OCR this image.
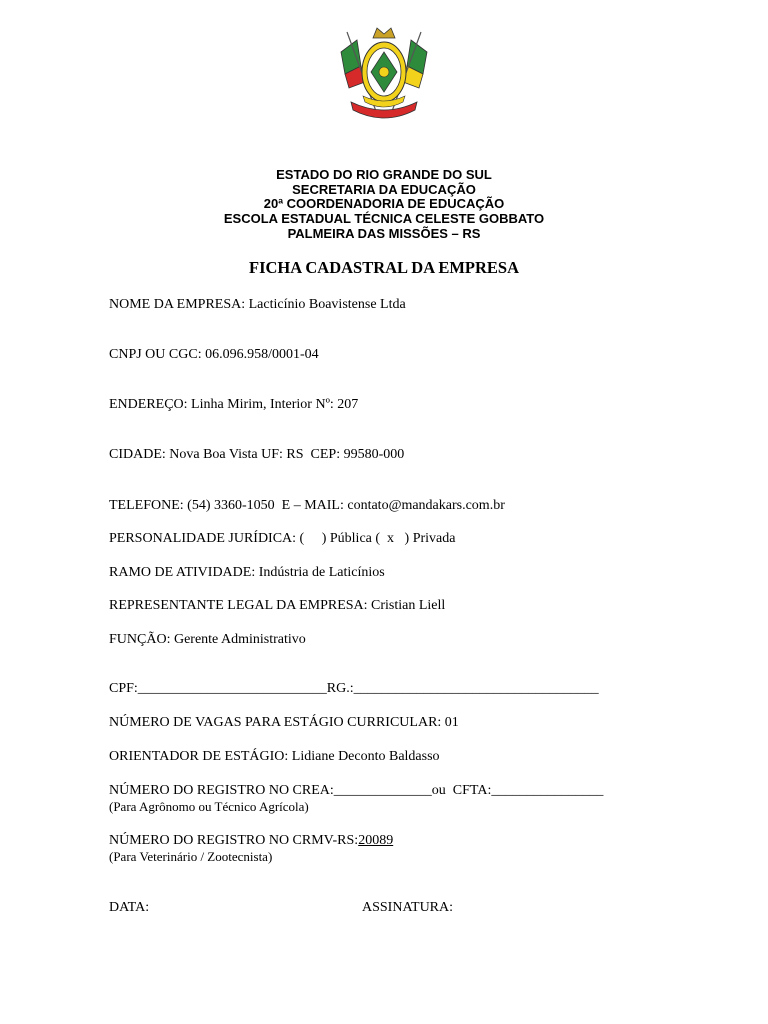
ESTADO DO RIO GRANDE DO SUL
SECRETARIA DA EDUCAÇÃO
20ª COORDENADORIA DE EDUCAÇÃO
ESCOLA ESTADUAL TÉCNICA CELESTE GOBBATO
PALMEIRA DAS MISSÕES – RS
FICHA CADASTRAL DA EMPRESA
NOME DA EMPRESA: Lacticínio Boavistense Ltda
CNPJ OU CGC: 06.096.958/0001-04
ENDEREÇO: Linha Mirim, Interior Nº: 207
CIDADE: Nova Boa Vista UF: RS  CEP: 99580-000
TELEFONE: (54) 3360-1050  E – MAIL: contato@mandakars.com.br
PERSONALIDADE JURÍDICA: (     ) Pública (  x   ) Privada
RAMO DE ATIVIDADE: Indústria de Laticínios
REPRESENTANTE LEGAL DA EMPRESA: Cristian Liell
FUNÇÃO: Gerente Administrativo
CPF:___________________________RG.:___________________________________
NÚMERO DE VAGAS PARA ESTÁGIO CURRICULAR: 01
ORIENTADOR DE ESTÁGIO: Lidiane Deconto Baldasso
NÚMERO DO REGISTRO NO CREA:______________ou  CFTA:________________
(Para Agrônomo ou Técnico Agrícola)
NÚMERO DO REGISTRO NO CRMV-RS:20089
(Para Veterinário / Zootecnista)
DATA:	ASSINATURA:
